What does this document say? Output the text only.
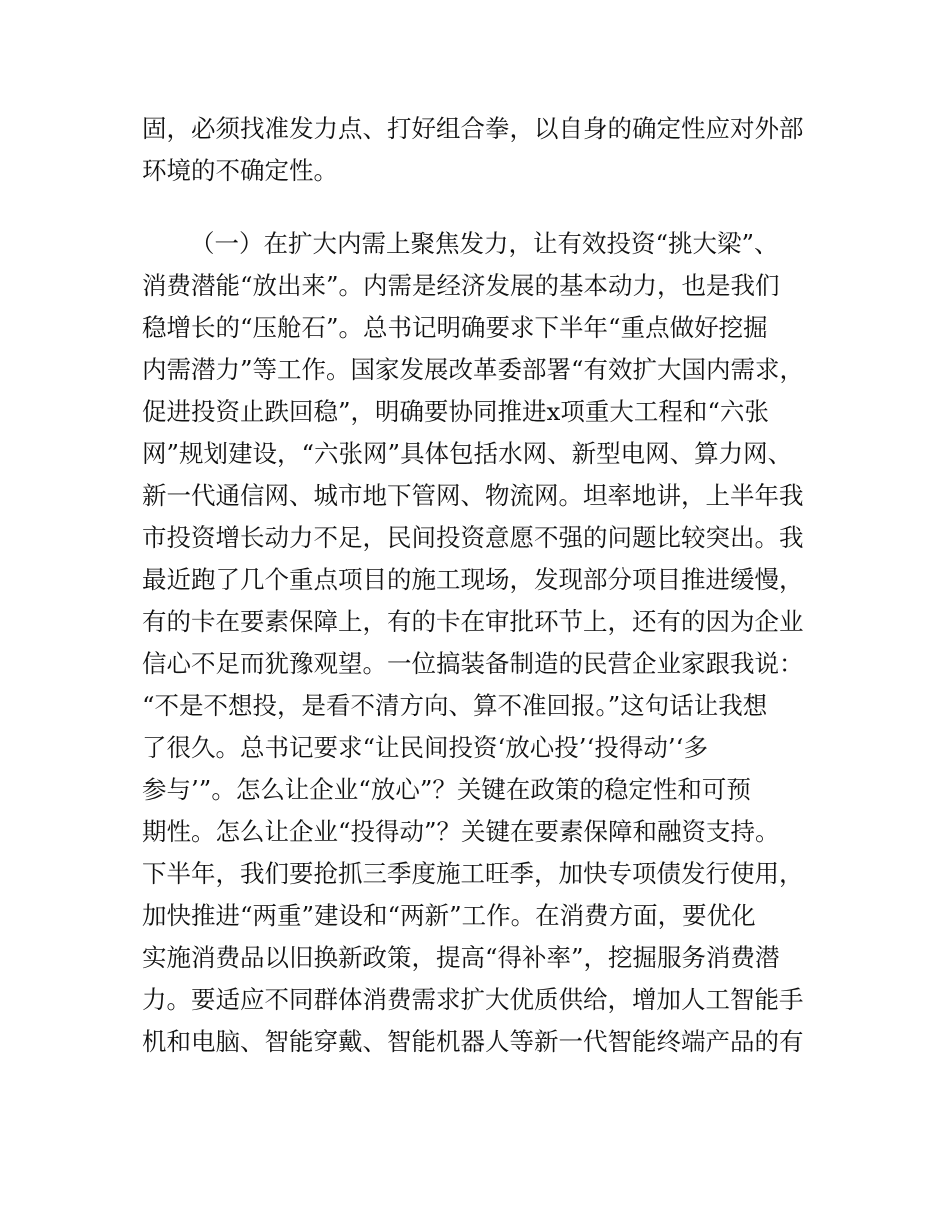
固，必须找准发力点、打好组合拳，以自身的确定性应对外部
环境的不确定性。
（一）在扩大内需上聚焦发力，让有效投资“挑大梁”、
消费潜能“放出来”。内需是经济发展的基本动力，也是我们
稳增长的“压舱石”。总书记明确要求下半年“重点做好挖掘
内需潜力”等工作。国家发展改革委部署“有效扩大国内需求，
促进投资止跌回稳”，明确要协同推进x项重大工程和“六张
网”规划建设，“六张网”具体包括水网、新型电网、算力网、
新一代通信网、城市地下管网、物流网。坦率地讲，上半年我
市投资增长动力不足，民间投资意愿不强的问题比较突出。我
最近跑了几个重点项目的施工现场，发现部分项目推进缓慢，
有的卡在要素保障上，有的卡在审批环节上，还有的因为企业
信心不足而犹豫观望。一位搞装备制造的民营企业家跟我说：
“不是不想投，是看不清方向、算不准回报。”这句话让我想
了很久。总书记要求“让民间投资‘放心投’‘投得动’‘多
参与’”。怎么让企业“放心”？关键在政策的稳定性和可预
期性。怎么让企业“投得动”？关键在要素保障和融资支持。
下半年，我们要抢抓三季度施工旺季，加快专项债发行使用，
加快推进“两重”建设和“两新”工作。在消费方面，要优化
实施消费品以旧换新政策，提高“得补率”，挖掘服务消费潜
力。要适应不同群体消费需求扩大优质供给，增加人工智能手
机和电脑、智能穿戴、智能机器人等新一代智能终端产品的有
